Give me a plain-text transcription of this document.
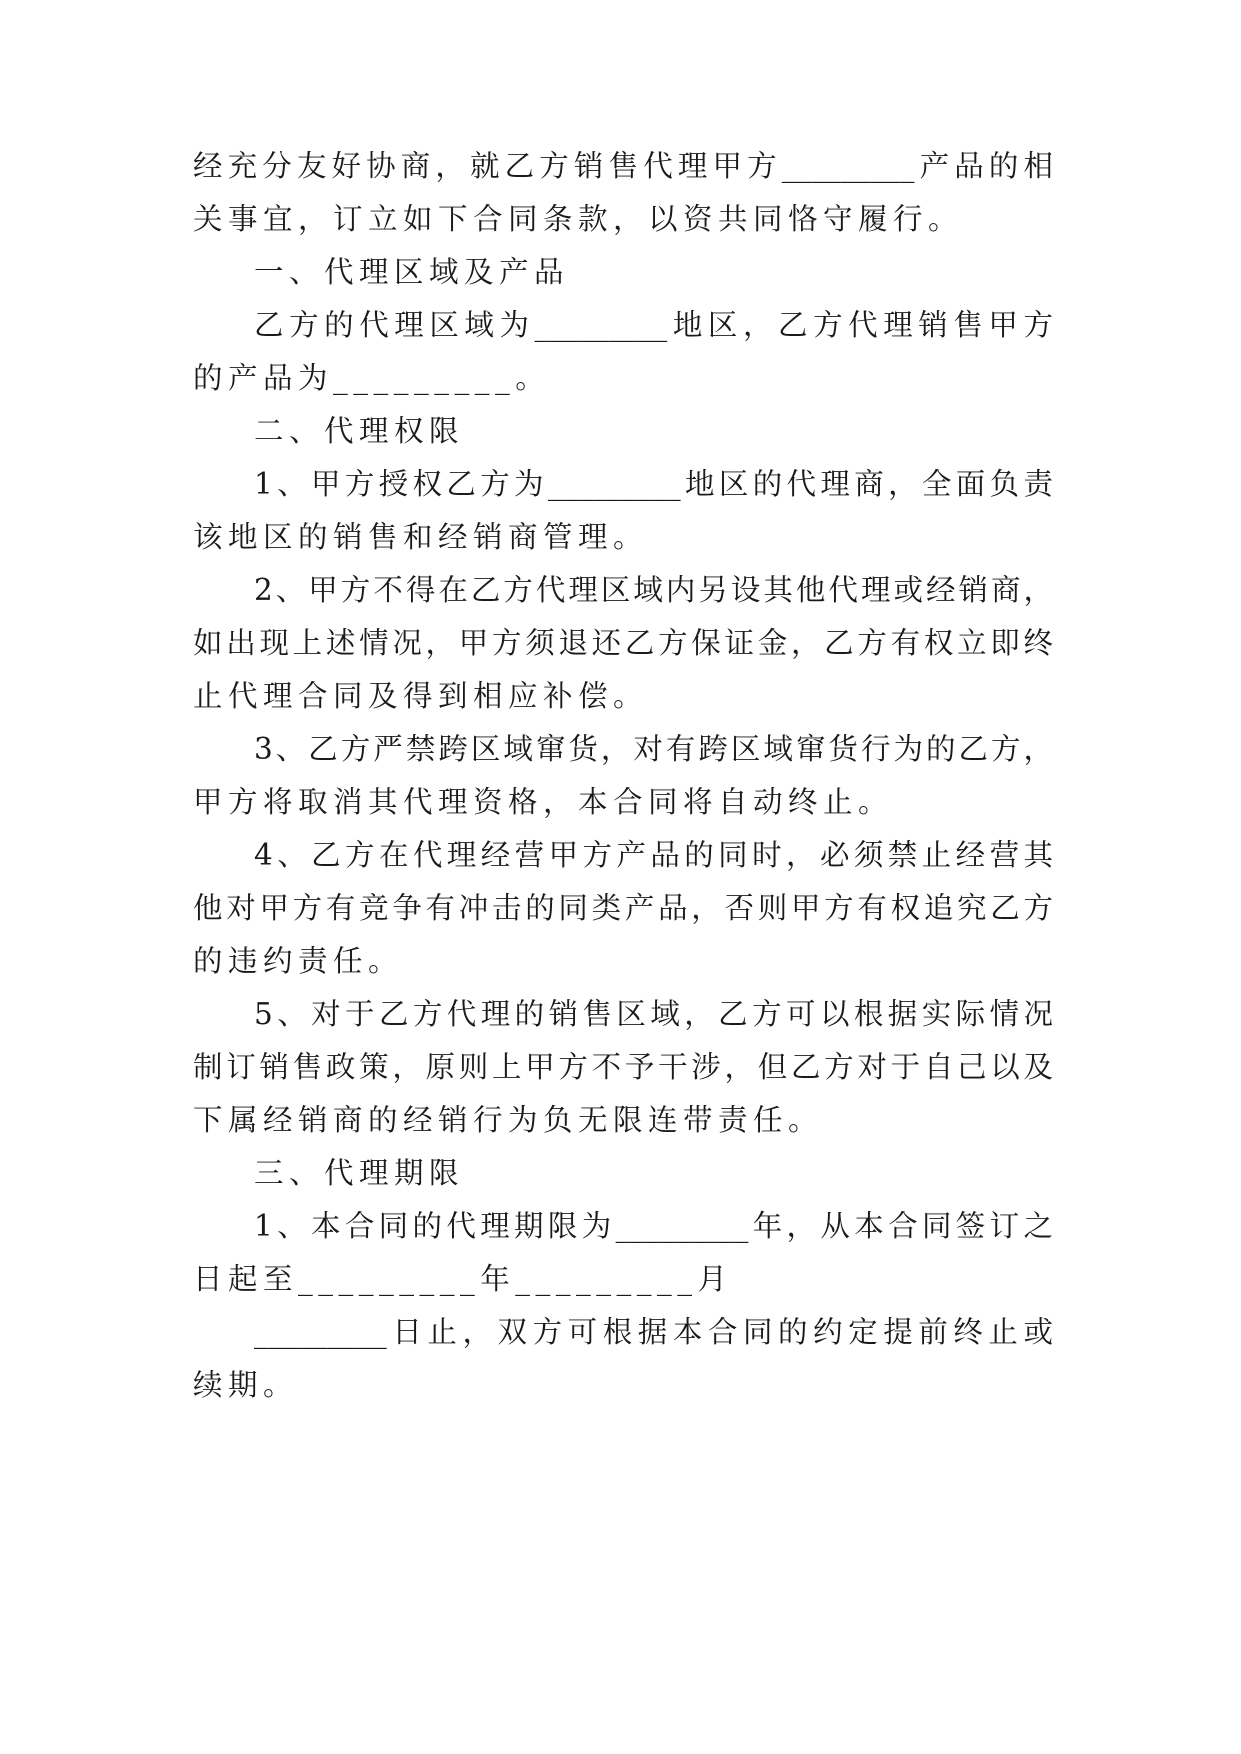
经充分友好协商，就乙方销售代理甲方_________产品的相
关事宜，订立如下合同条款，以资共同恪守履行。
一、代理区域及产品
乙方的代理区域为_________地区，乙方代理销售甲方
的产品为_________。
二、代理权限
1、甲方授权乙方为_________地区的代理商，全面负责
该地区的销售和经销商管理。
2、甲方不得在乙方代理区域内另设其他代理或经销商，
如出现上述情况，甲方须退还乙方保证金，乙方有权立即终
止代理合同及得到相应补偿。
3、乙方严禁跨区域窜货，对有跨区域窜货行为的乙方，
甲方将取消其代理资格，本合同将自动终止。
4、乙方在代理经营甲方产品的同时，必须禁止经营其
他对甲方有竞争有冲击的同类产品，否则甲方有权追究乙方
的违约责任。
5、对于乙方代理的销售区域，乙方可以根据实际情况
制订销售政策，原则上甲方不予干涉，但乙方对于自己以及
下属经销商的经销行为负无限连带责任。
三、代理期限
1、本合同的代理期限为_________年，从本合同签订之
日起至_________年_________月
_________日止，双方可根据本合同的约定提前终止或
续期。
